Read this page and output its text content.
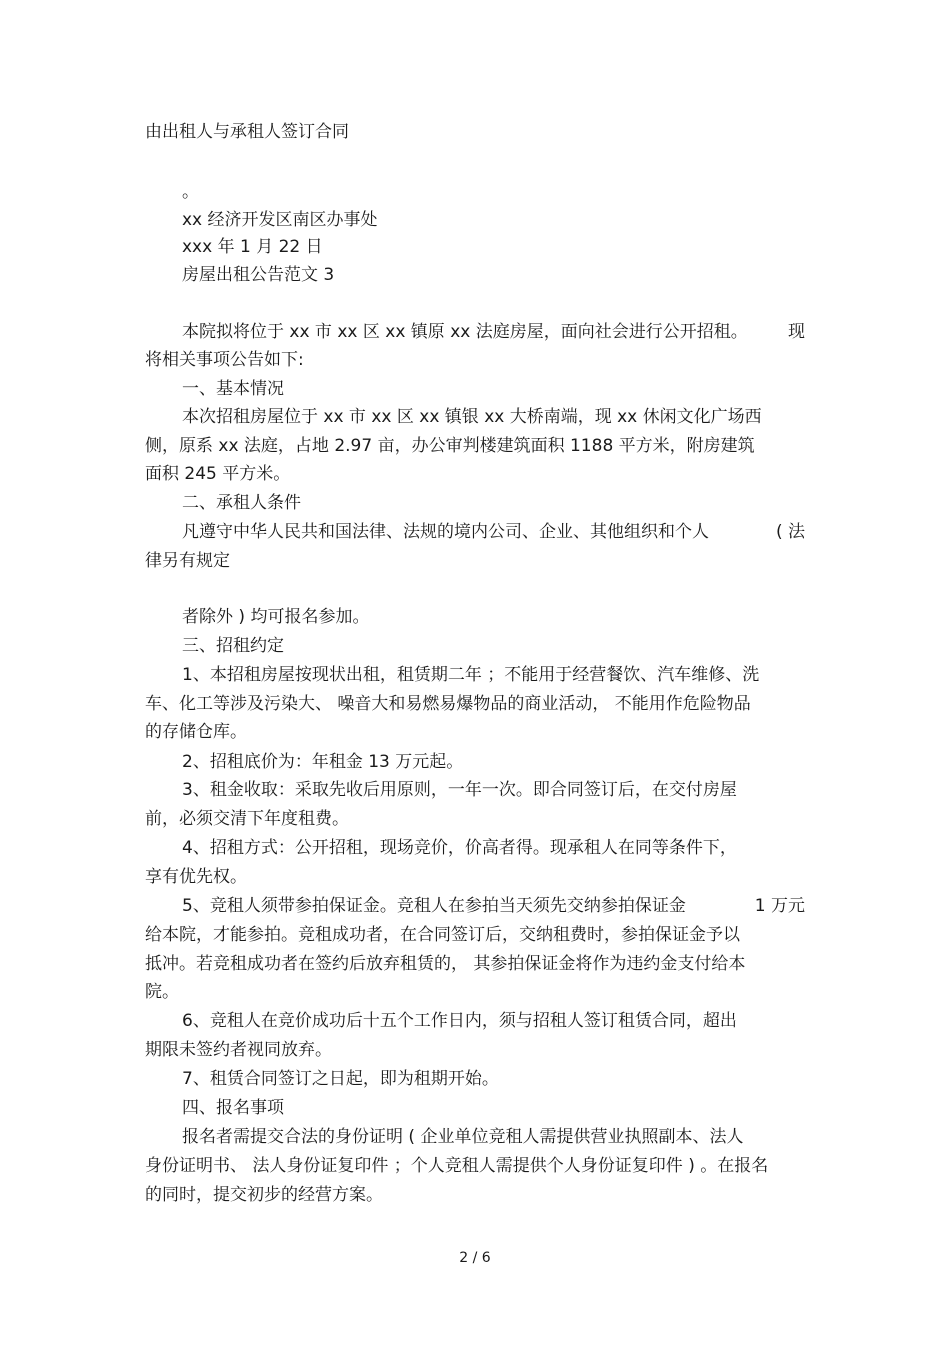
由出租人与承租人签订合同

。

xx 经济开发区南区办事处

xxx 年 1 月 22 日

房屋出租公告范文 3

本院拟将位于 xx 市 xx 区 xx 镇原 xx 法庭房屋，面向社会进行公开招租。 现

将相关事项公告如下:

一、基本情况

本次招租房屋位于 xx 市 xx 区 xx 镇银 xx 大桥南端，现 xx 休闲文化广场西

侧，原系 xx 法庭，占地 2.97 亩，办公审判楼建筑面积 1188 平方米，附房建筑

面积 245 平方米。

二、承租人条件

凡遵守中华人民共和国法律、法规的境内公司、企业、其他组织和个人	( 法

律另有规定

者除外 ) 均可报名参加。

三、招租约定

1、本招租房屋按现状出租，租赁期二年 ；不能用于经营餐饮、汽车维修、洗

车、化工等涉及污染大、 噪音大和易燃易爆物品的商业活动， 不能用作危险物品

的存储仓库。

2、招租底价为：年租金 13 万元起。

3、租金收取：采取先收后用原则，一年一次。即合同签订后，在交付房屋

前，必须交清下年度租费。

4、招租方式：公开招租，现场竞价，价高者得。现承租人在同等条件下，

享有优先权。

5、竞租人须带参拍保证金。竞租人在参拍当天须先交纳参拍保证金	1 万元

给本院，才能参拍。竞租成功者，在合同签订后，交纳租费时，参拍保证金予以

抵冲。若竞租成功者在签约后放弃租赁的， 其参拍保证金将作为违约金支付给本

院。

6、竞租人在竞价成功后十五个工作日内，须与招租人签订租赁合同，超出

期限未签约者视同放弃。

7、租赁合同签订之日起，即为租期开始。

四、报名事项

报名者需提交合法的身份证明 ( 企业单位竞租人需提供营业执照副本、法人

身份证明书、 法人身份证复印件 ；个人竞租人需提供个人身份证复印件 ) 。在报名

的同时，提交初步的经营方案。

2 / 6
